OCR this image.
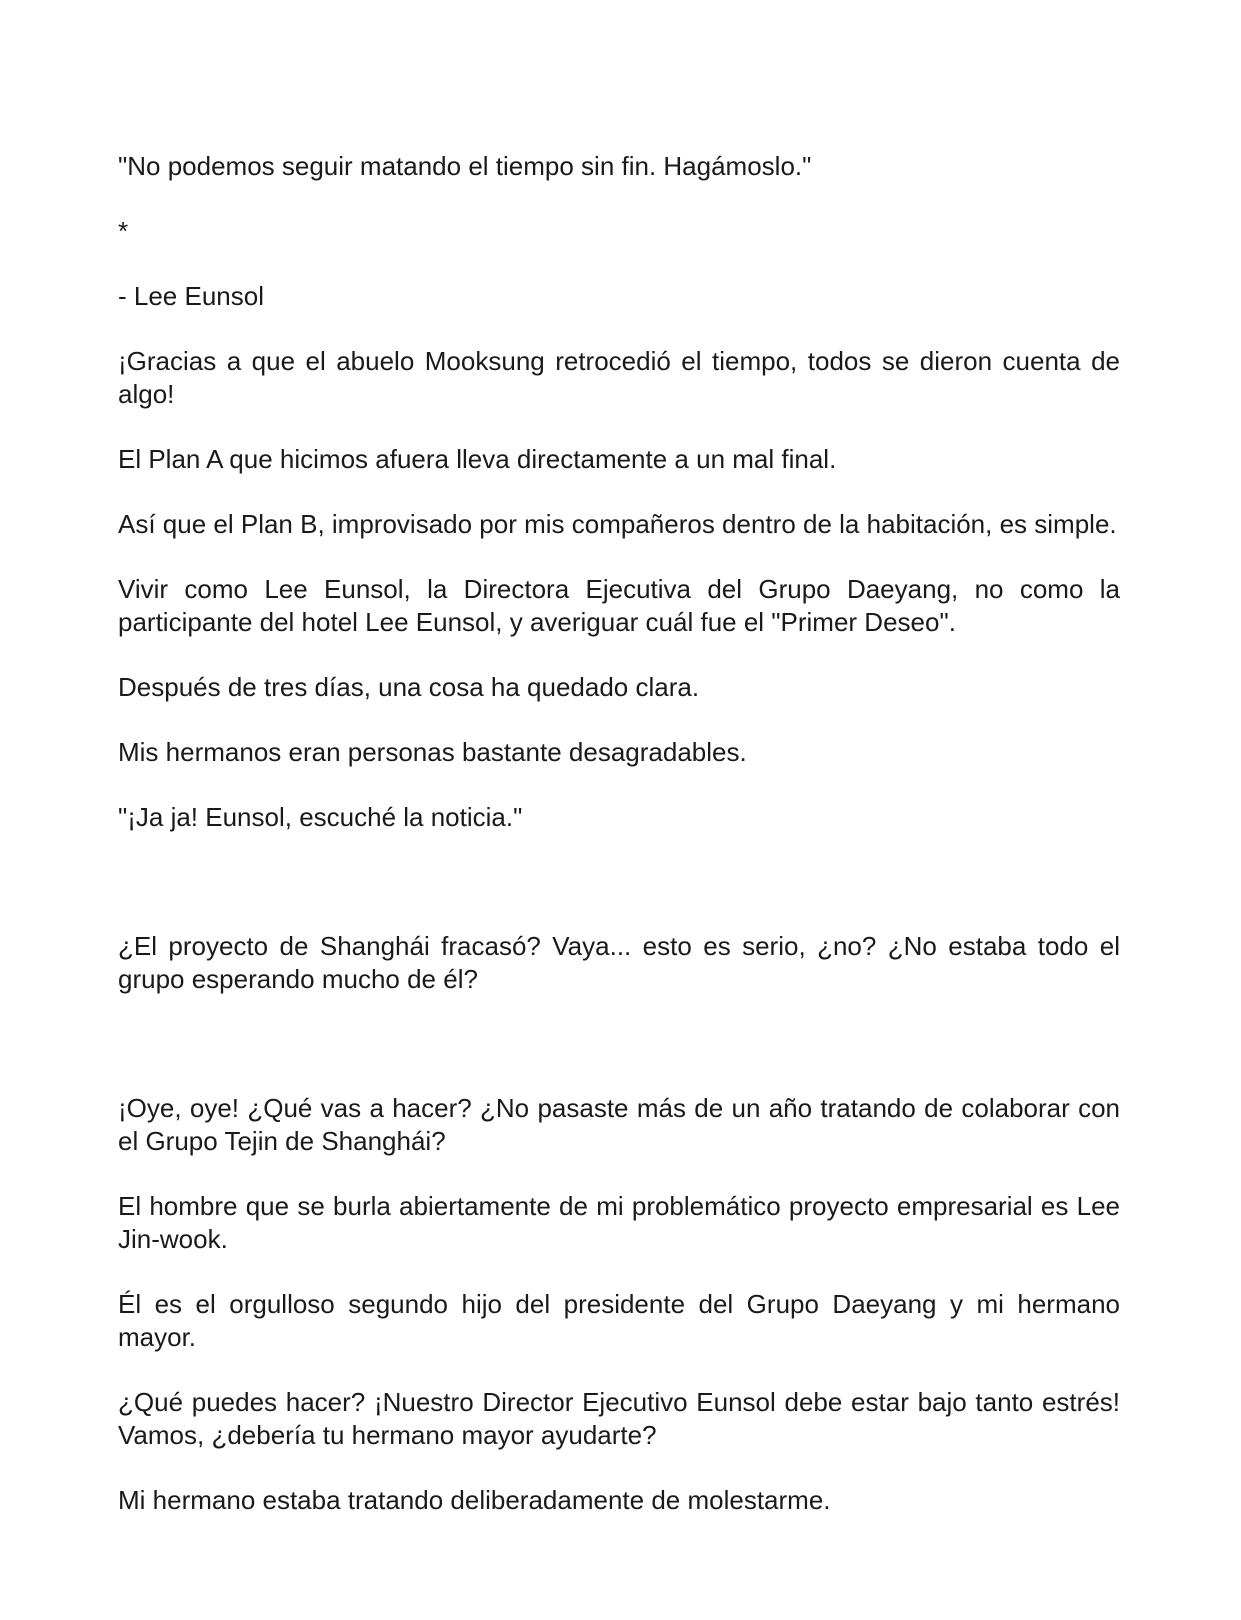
"No podemos seguir matando el tiempo sin fin. Hagámoslo."

*

- Lee Eunsol

¡Gracias a que el abuelo Mooksung retrocedió el tiempo, todos se dieron cuenta de algo!

El Plan A que hicimos afuera lleva directamente a un mal final.

Así que el Plan B, improvisado por mis compañeros dentro de la habitación, es simple.

Vivir como Lee Eunsol, la Directora Ejecutiva del Grupo Daeyang, no como la participante del hotel Lee Eunsol, y averiguar cuál fue el "Primer Deseo".

Después de tres días, una cosa ha quedado clara.

Mis hermanos eran personas bastante desagradables.

"¡Ja ja! Eunsol, escuché la noticia."

¿El proyecto de Shanghái fracasó? Vaya... esto es serio, ¿no? ¿No estaba todo el grupo esperando mucho de él?

¡Oye, oye! ¿Qué vas a hacer? ¿No pasaste más de un año tratando de colaborar con el Grupo Tejin de Shanghái?

El hombre que se burla abiertamente de mi problemático proyecto empresarial es Lee Jin-wook.

Él es el orgulloso segundo hijo del presidente del Grupo Daeyang y mi hermano mayor.

¿Qué puedes hacer? ¡Nuestro Director Ejecutivo Eunsol debe estar bajo tanto estrés! Vamos, ¿debería tu hermano mayor ayudarte?

Mi hermano estaba tratando deliberadamente de molestarme.
